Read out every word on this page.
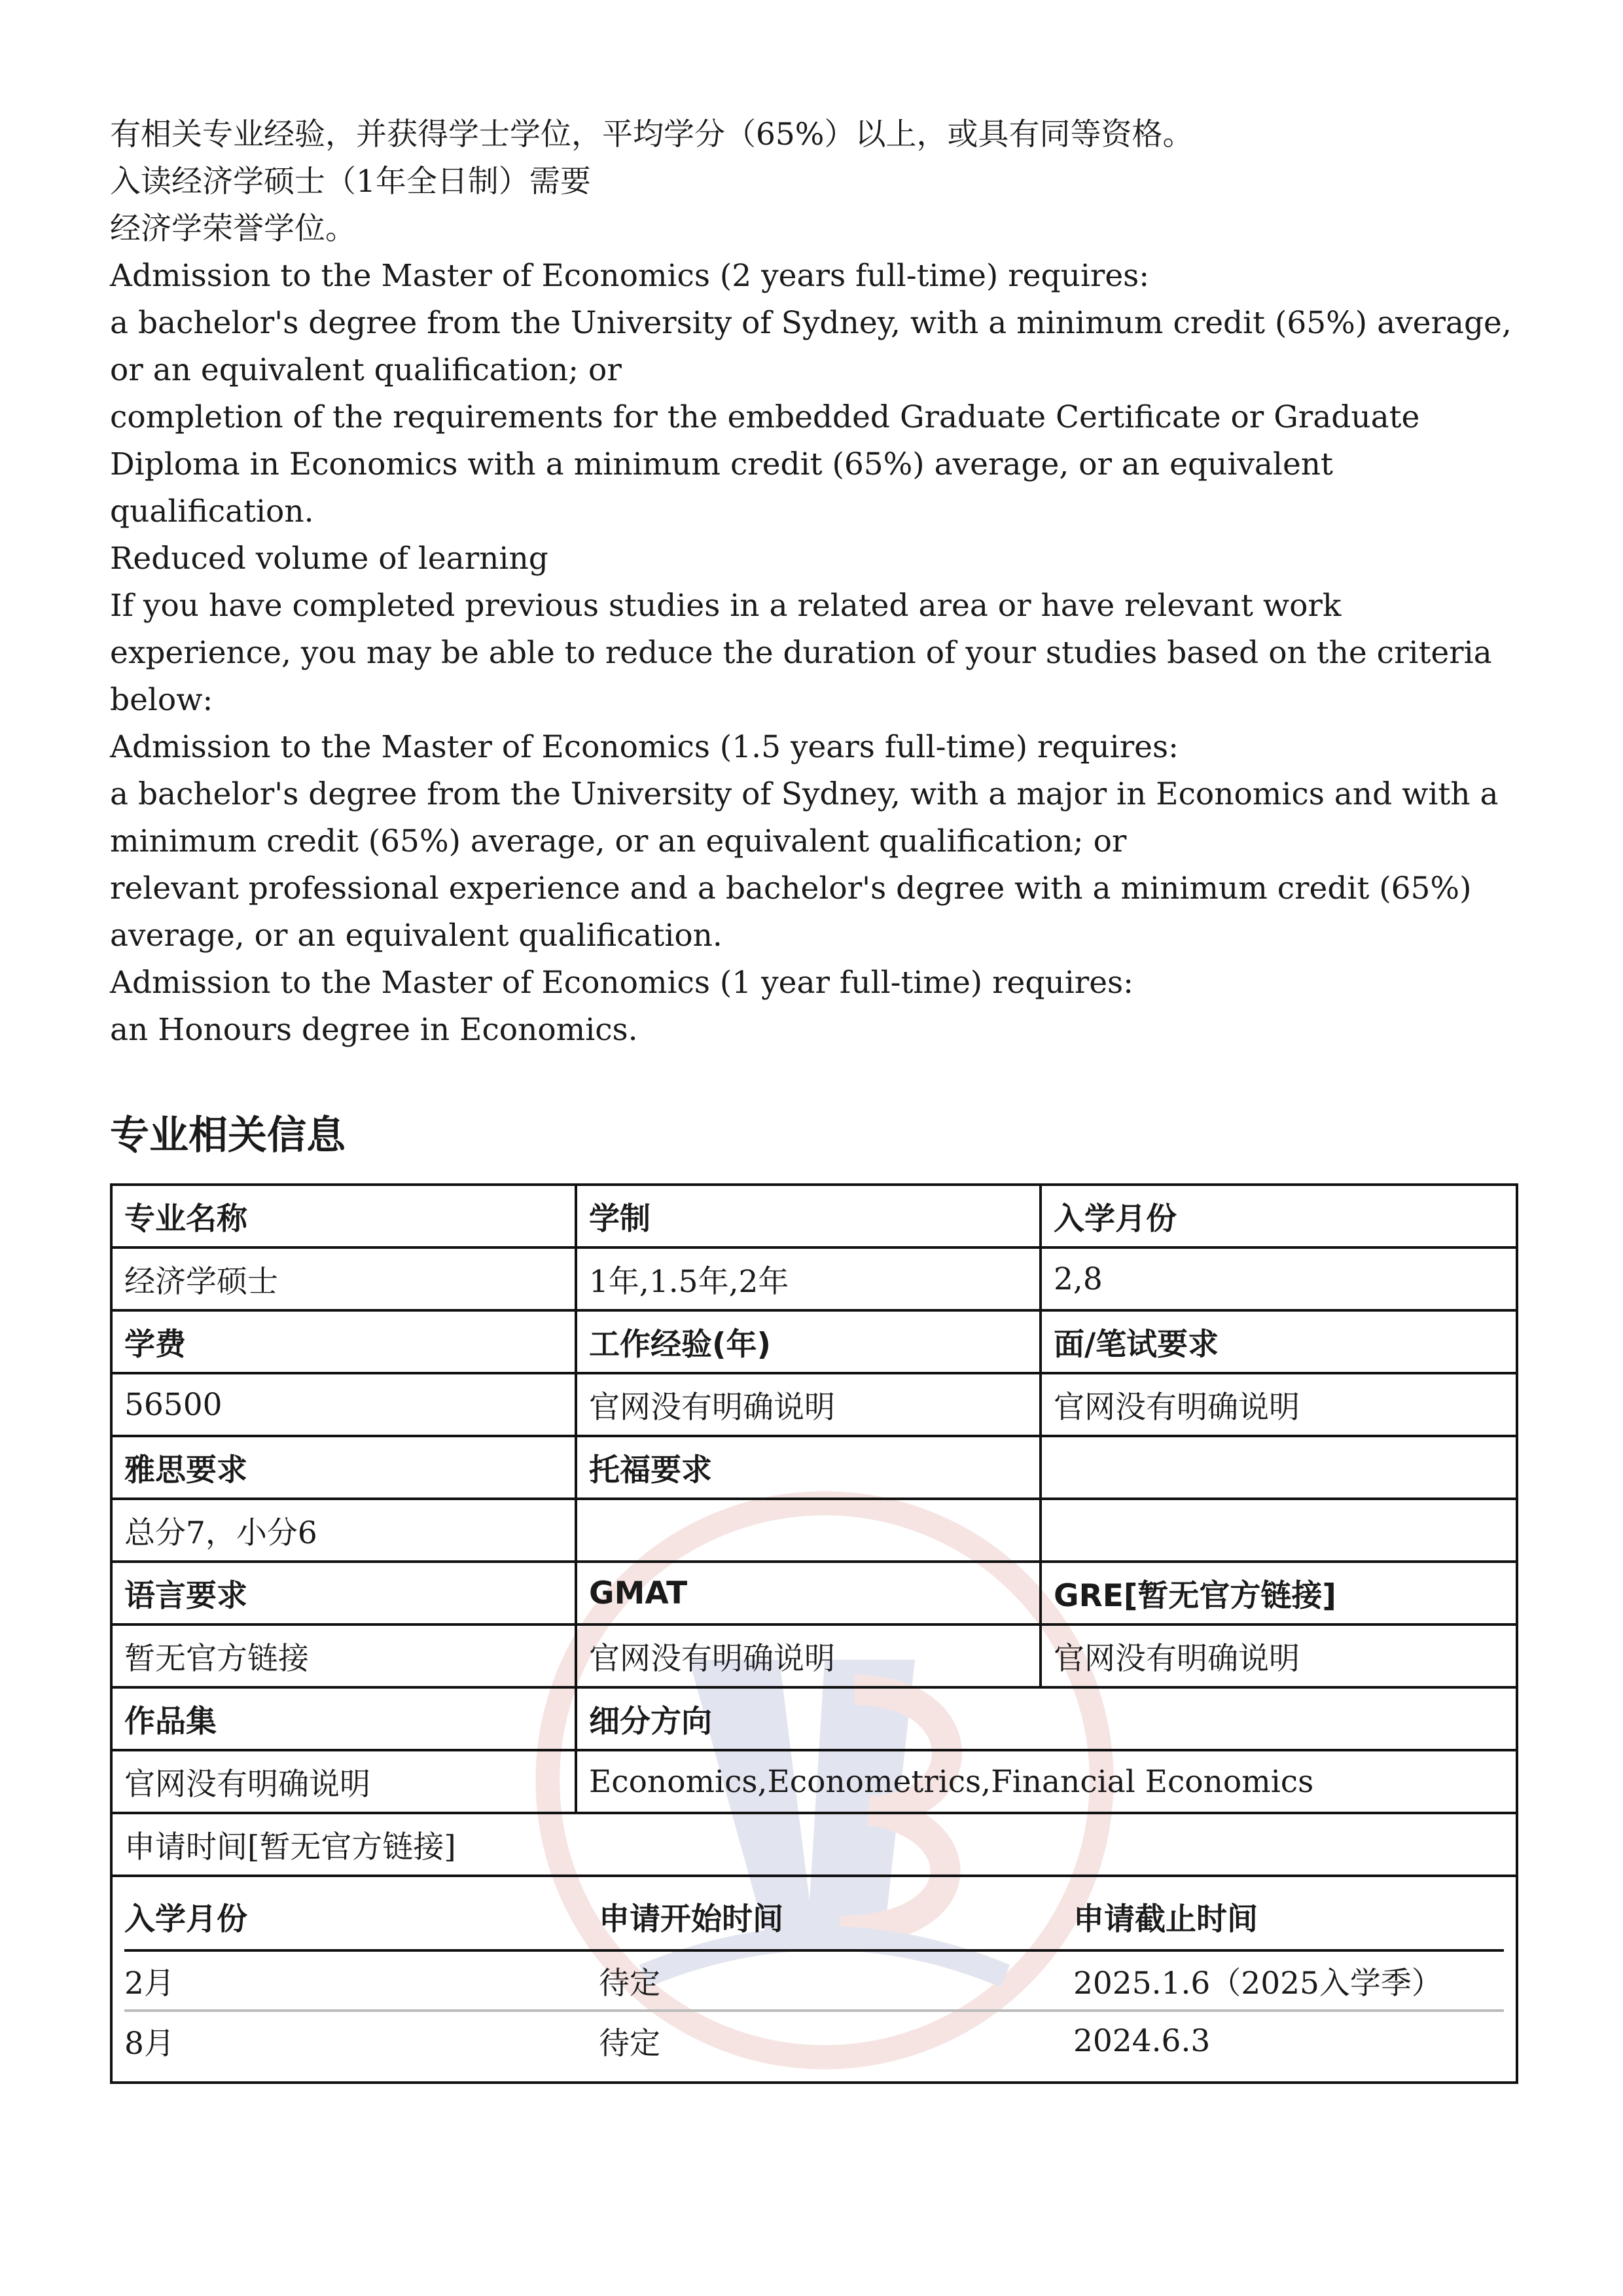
有相关专业经验，并获得学士学位，平均学分（65%）以上，或具有同等资格。
入读经济学硕士（1年全日制）需要
经济学荣誉学位。
Admission to the Master of Economics (2 years full-time) requires:
a bachelor's degree from the University of Sydney, with a minimum credit (65%) average,
or an equivalent qualification; or
completion of the requirements for the embedded Graduate Certificate or Graduate
Diploma in Economics with a minimum credit (65%) average, or an equivalent
qualification.
Reduced volume of learning
If you have completed previous studies in a related area or have relevant work
experience, you may be able to reduce the duration of your studies based on the criteria
below:
Admission to the Master of Economics (1.5 years full-time) requires:
a bachelor's degree from the University of Sydney, with a major in Economics and with a
minimum credit (65%) average, or an equivalent qualification; or
relevant professional experience and a bachelor's degree with a minimum credit (65%)
average, or an equivalent qualification.
Admission to the Master of Economics (1 year full-time) requires:
an Honours degree in Economics.
专业相关信息
专业名称	学制	入学月份
经济学硕士	1年,1.5年,2年	2,8
学费	工作经验(年)	面/笔试要求
56500	官网没有明确说明	官网没有明确说明
雅思要求	托福要求
总分7，小分6
语言要求	GMAT	GRE[暂无官方链接]
暂无官方链接	官网没有明确说明	官网没有明确说明
作品集	细分方向
官网没有明确说明	Economics,Econometrics,Financial Economics
申请时间[暂无官方链接]
入学月份	申请开始时间	申请截止时间
2月	待定	2025.1.6（2025入学季）
8月	待定	2024.6.3
